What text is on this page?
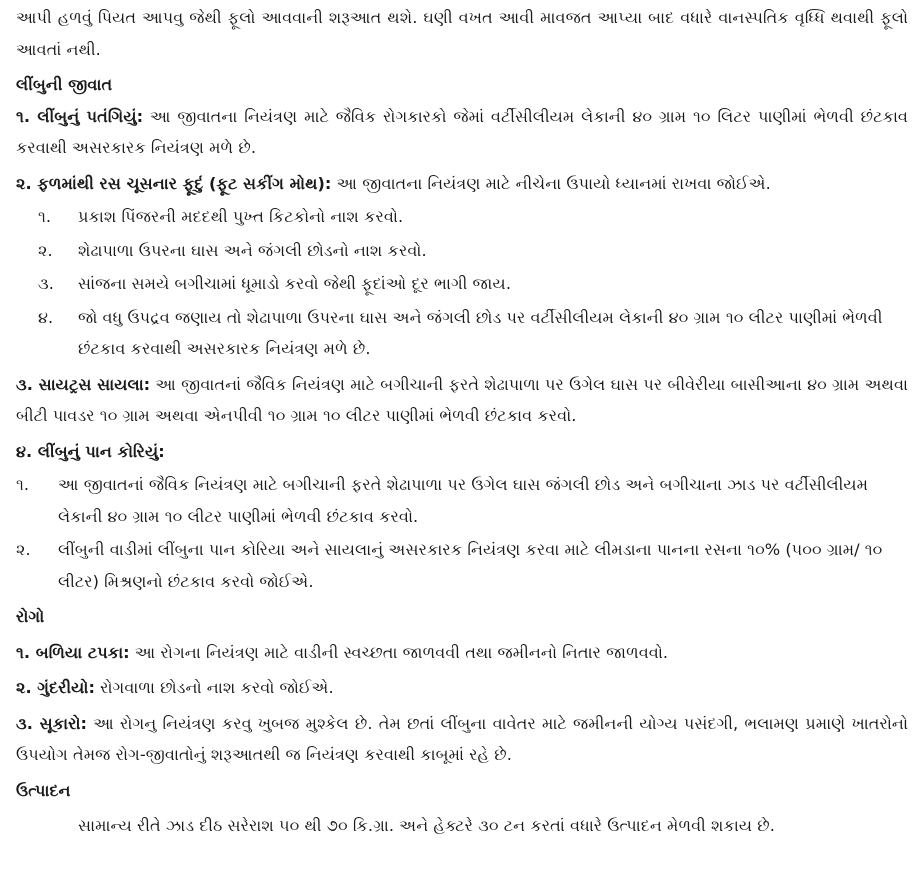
આપી હળવું પિયત આપવુ જેથી ફૂલો આવવાની શરૂઆત થશે. ઘણી વખત આવી માવજત આપ્યા બાદ વધારે વાનસ્પતિક વૃધ્ધિ થવાથી ફૂલો આવતાં નથી.

લીંબુની જીવાત

૧. લીંબુનું પતંગિયું: આ જીવાતના નિયંત્રણ માટે જૈવિક રોગકારકો જેમાં વર્ટીસીલીયમ લેકાની ૪૦ ગ્રામ ૧૦ લિટર પાણીમાં ભેળવી છંટકાવ કરવાથી અસરકારક નિયંત્રણ મળે છે.

૨. ફળમાંથી રસ ચૂસનાર ફૂદું (ફૂટ સકીંગ મોથ): આ જીવાતના નિયંત્રણ માટે નીચેના ઉપાયો ધ્યાનમાં રાખવા જોઈએ.

૧. પ્રકાશ પિંજરની મદદથી પુખ્ત કિટકોનો નાશ કરવો.
૨. શેઢાપાળા ઉપરના ઘાસ અને જંગલી છોડનો નાશ કરવો.
૩. સાંજના સમયે બગીચામાં ધૂમાડો કરવો જેથી ફૂદાંઓ દૂર ભાગી જાય.
૪. જો વધુ ઉપદ્રવ જણાય તો શેઢાપાળા ઉપરના ઘાસ અને જંગલી છોડ પર વર્ટીસીલીયમ લેકાની ૪૦ ગ્રામ ૧૦ લીટર પાણીમાં ભેળવી છંટકાવ કરવાથી અસરકારક નિયંત્રણ મળે છે.

૩. સાયટ્રસ સાયલા: આ જીવાતનાં જૈવિક નિયંત્રણ માટે બગીચાની ફરતે શેઢાપાળા પર ઉગેલ ઘાસ પર બીવેરીયા બાસીઆના ૪૦ ગ્રામ અથવા બીટી પાવડર ૧૦ ગ્રામ અથવા એનપીવી ૧૦ ગ્રામ ૧૦ લીટર પાણીમાં ભેળવી છંટકાવ કરવો.

૪. લીંબુનું પાન કોરિયું:

૧. આ જીવાતનાં જૈવિક નિયંત્રણ માટે બગીચાની ફરતે શેઢાપાળા પર ઉગેલ ઘાસ જંગલી છોડ અને બગીચાના ઝાડ પર વર્ટીસીલીયમ લેકાની ૪૦ ગ્રામ ૧૦ લીટર પાણીમાં ભેળવી છંટકાવ કરવો.
૨. લીંબુની વાડીમાં લીંબુના પાન કોરિયા અને સાયલાનું અસરકારક નિયંત્રણ કરવા માટે લીમડાના પાનના રસના ૧૦% (૫૦૦ ગ્રામ/ ૧૦ લીટર) મિશ્રણનો છંટકાવ કરવો જોઈએ.

રોગો

૧. બળિયા ટપકા: આ રોગના નિયંત્રણ માટે વાડીની સ્વચ્છતા જાળવવી તથા જમીનનો નિતાર જાળવવો.

૨. ગુંદરીયો: રોગવાળા છોડનો નાશ કરવો જોઈએ.

૩. સૂકારો: આ રોગનુ નિયંત્રણ કરવુ ખુબજ મુશ્કેલ છે. તેમ છતાં લીંબુના વાવેતર માટે જમીનની યોગ્ય પસંદગી, ભલામણ પ્રમાણે ખાતરોનો ઉપયોગ તેમજ રોગ-જીવાતોનું શરૂઆતથી જ નિયંત્રણ કરવાથી કાબૂમાં રહે છે.

ઉત્પાદન

સામાન્ય રીતે ઝાડ દીઠ સરેરાશ ૫૦ થી ૭૦ કિ.ગ્રા. અને હેક્ટરે ૩૦ ટન કરતાં વધારે ઉત્પાદન મેળવી શકાય છે.
